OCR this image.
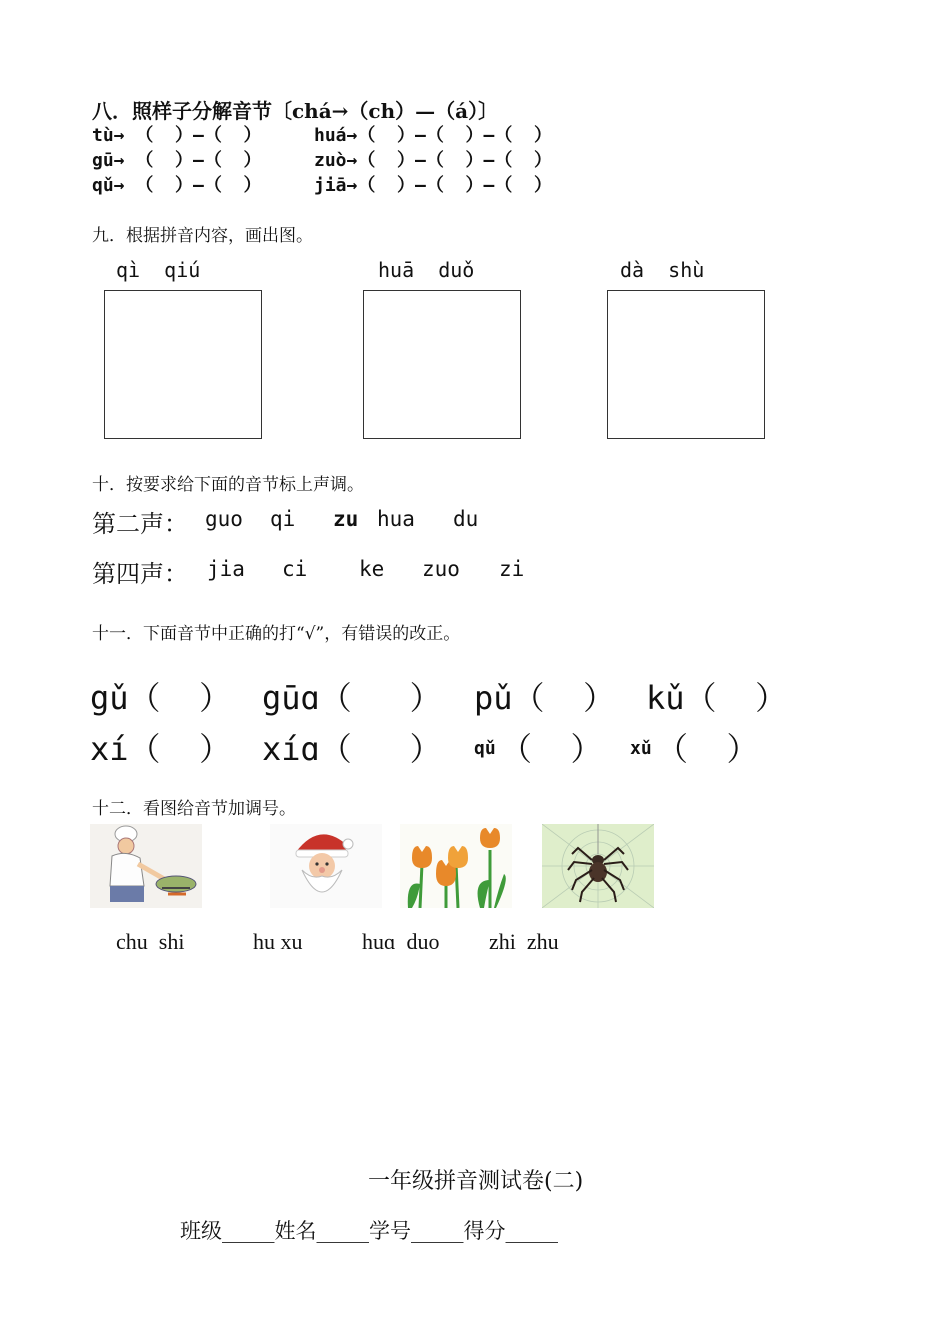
八．照样子分解音节〔chá→（ch）—（á）〕
tù→ （  ）—（  ）	huá→（  ）—（  ）—（  ）
gū→ （  ）—（  ）	zuò→（  ）—（  ）—（  ）
qǔ→ （  ）—（  ）	jiā→（  ）—（  ）—（  ）
九．根据拼音内容，画出图。
qì  qiú	huā  duǒ	dà  shù
十．按要求给下面的音节标上声调。
第二声： guo qi zu hua du
第四声： jia ci ke zuo zi
十一．下面音节中正确的打“√”，有错误的改正。
gǔ（  ） gūɑ（   ） pǔ（  ） kǔ（  ）
xí（  ） xíɑ（   ） qǔ （  ） xǔ （  ）
十二．看图给音节加调号。
chu  shi	hu xu	huɑ  duo zhi  zhu
一年级拼音测试卷(二)
班级_____姓名_____学号_____得分_____
